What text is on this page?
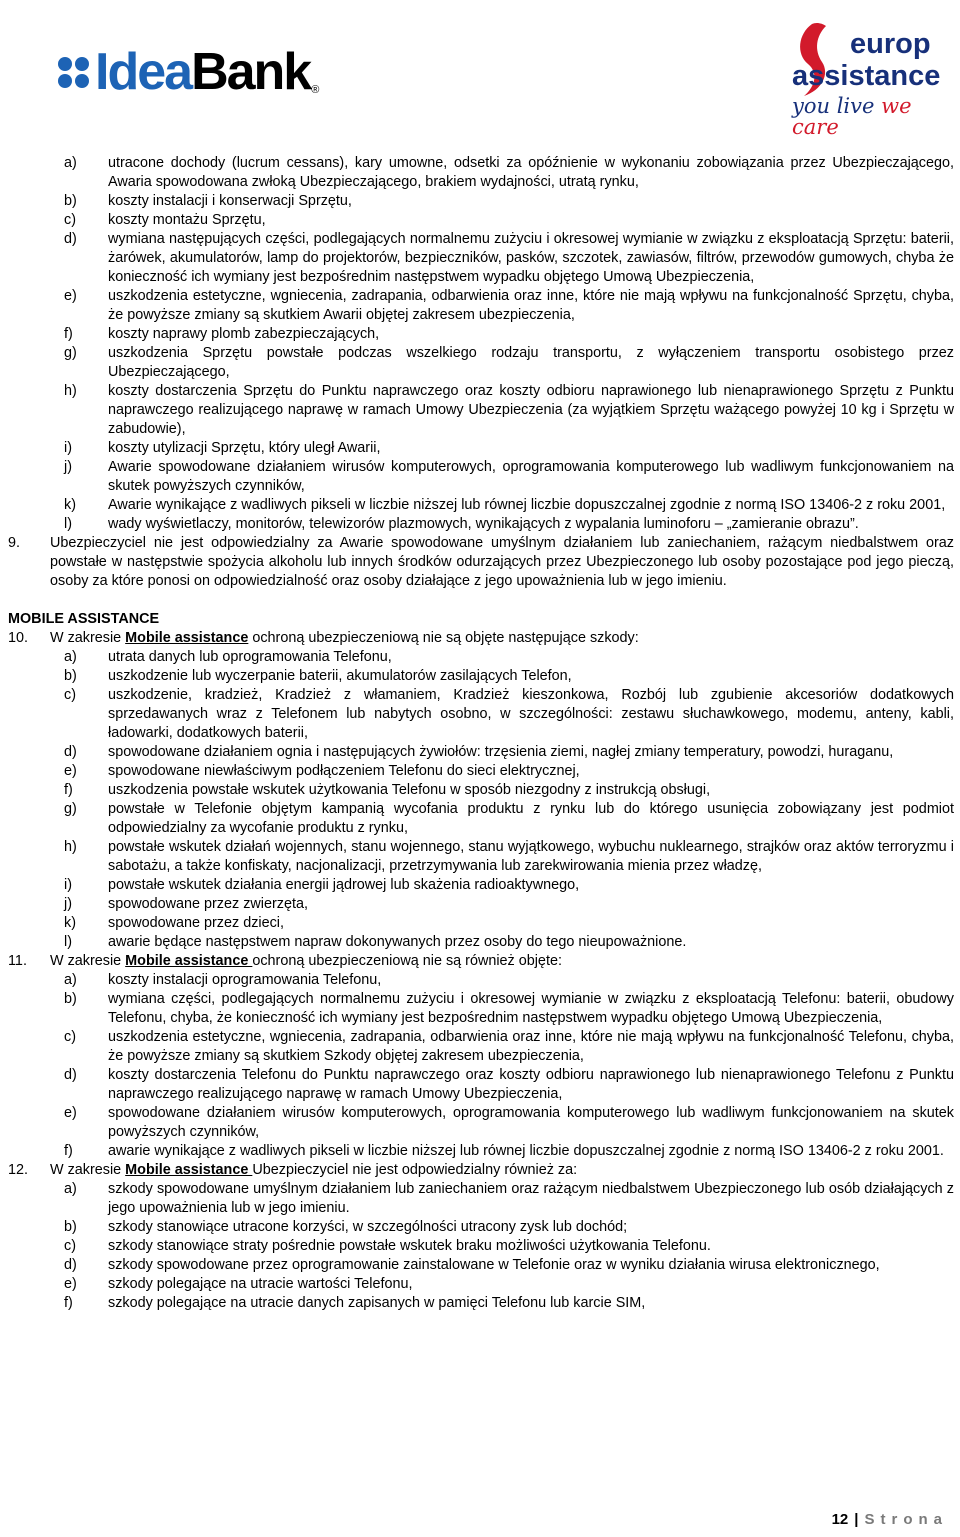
IdeaBank ®
europ
assistance
you live we care
a)	utracone dochody (lucrum cessans), kary umowne, odsetki za opóźnienie w wykonaniu zobowiązania przez Ubezpieczającego, Awaria spowodowana zwłoką Ubezpieczającego, brakiem wydajności, utratą rynku,
b)	koszty instalacji i konserwacji Sprzętu,
c)	koszty montażu Sprzętu,
d)	wymiana następujących części, podlegających normalnemu zużyciu i okresowej wymianie w związku z eksploatacją Sprzętu: baterii, żarówek, akumulatorów, lamp do projektorów, bezpieczników, pasków, szczotek, zawiasów, filtrów, przewodów gumowych, chyba że konieczność ich wymiany jest bezpośrednim następstwem wypadku objętego Umową Ubezpieczenia,
e)	uszkodzenia estetyczne, wgniecenia, zadrapania, odbarwienia oraz inne, które nie mają wpływu na funkcjonalność Sprzętu, chyba, że powyższe zmiany są skutkiem Awarii objętej zakresem ubezpieczenia,
f)	koszty naprawy plomb zabezpieczających,
g)	uszkodzenia Sprzętu powstałe podczas wszelkiego rodzaju transportu, z wyłączeniem transportu osobistego przez Ubezpieczającego,
h)	koszty dostarczenia Sprzętu do Punktu naprawczego oraz koszty odbioru naprawionego lub nienaprawionego Sprzętu z Punktu naprawczego realizującego naprawę w ramach Umowy Ubezpieczenia (za wyjątkiem Sprzętu ważącego powyżej 10 kg i Sprzętu w zabudowie),
i)	koszty utylizacji Sprzętu, który uległ Awarii,
j)	Awarie spowodowane działaniem wirusów komputerowych, oprogramowania komputerowego lub wadliwym funkcjonowaniem na skutek powyższych czynników,
k)	Awarie wynikające z wadliwych pikseli w liczbie niższej lub równej liczbie dopuszczalnej zgodnie z normą ISO 13406-2 z roku 2001,
l)	wady wyświetlaczy, monitorów, telewizorów plazmowych, wynikających z wypalania luminoforu – „zamieranie obrazu”.
9.	Ubezpieczyciel nie jest odpowiedzialny za Awarie spowodowane umyślnym działaniem lub zaniechaniem, rażącym niedbalstwem oraz powstałe w następstwie spożycia alkoholu lub innych środków odurzających przez Ubezpieczonego lub osoby pozostające pod jego pieczą, osoby za które ponosi on odpowiedzialność oraz osoby działające z jego upoważnienia lub w jego imieniu.
MOBILE ASSISTANCE
10.	W zakresie Mobile assistance ochroną ubezpieczeniową nie są objęte następujące szkody:
a)	utrata danych lub oprogramowania Telefonu,
b)	uszkodzenie lub wyczerpanie baterii, akumulatorów zasilających Telefon,
c)	uszkodzenie, kradzież, Kradzież z włamaniem, Kradzież kieszonkowa, Rozbój lub zgubienie akcesoriów dodatkowych sprzedawanych wraz z Telefonem lub nabytych osobno, w szczególności: zestawu słuchawkowego, modemu, anteny, kabli, ładowarki, dodatkowych baterii,
d)	spowodowane działaniem ognia i następujących żywiołów: trzęsienia ziemi, nagłej zmiany temperatury, powodzi, huraganu,
e)	spowodowane niewłaściwym podłączeniem Telefonu do sieci elektrycznej,
f)	uszkodzenia powstałe wskutek użytkowania Telefonu w sposób niezgodny z instrukcją obsługi,
g)	powstałe w Telefonie objętym kampanią wycofania produktu z rynku lub do którego usunięcia zobowiązany jest podmiot odpowiedzialny za wycofanie produktu z rynku,
h)	powstałe wskutek działań wojennych, stanu wojennego, stanu wyjątkowego, wybuchu nuklearnego, strajków oraz aktów terroryzmu i sabotażu, a także konfiskaty, nacjonalizacji, przetrzymywania lub zarekwirowania mienia przez władzę,
i)	powstałe wskutek działania energii jądrowej lub skażenia radioaktywnego,
j)	spowodowane przez zwierzęta,
k)	spowodowane przez dzieci,
l)	awarie będące następstwem napraw dokonywanych przez osoby do tego nieupoważnione.
11.	W zakresie Mobile assistance ochroną ubezpieczeniową nie są również objęte:
a)	koszty instalacji oprogramowania Telefonu,
b)	wymiana części, podlegających normalnemu zużyciu i okresowej wymianie w związku z eksploatacją Telefonu: baterii, obudowy Telefonu, chyba, że konieczność ich wymiany jest bezpośrednim następstwem wypadku objętego Umową Ubezpieczenia,
c)	uszkodzenia estetyczne, wgniecenia, zadrapania, odbarwienia oraz inne, które nie mają wpływu na funkcjonalność Telefonu, chyba, że powyższe zmiany są skutkiem Szkody objętej zakresem ubezpieczenia,
d)	koszty dostarczenia Telefonu do Punktu naprawczego oraz koszty odbioru naprawionego lub nienaprawionego Telefonu z Punktu naprawczego realizującego naprawę w ramach Umowy Ubezpieczenia,
e)	spowodowane działaniem wirusów komputerowych, oprogramowania komputerowego lub wadliwym funkcjonowaniem na skutek powyższych czynników,
f)	awarie wynikające z wadliwych pikseli w liczbie niższej lub równej liczbie dopuszczalnej zgodnie z normą ISO 13406-2 z roku 2001.
12.	W zakresie Mobile assistance Ubezpieczyciel nie jest odpowiedzialny również za:
a)	szkody spowodowane umyślnym działaniem lub zaniechaniem oraz rażącym niedbalstwem Ubezpieczonego lub osób działających z jego upoważnienia lub w jego imieniu.
b)	szkody stanowiące utracone korzyści, w szczególności utracony zysk lub dochód;
c)	szkody stanowiące straty pośrednie powstałe wskutek braku możliwości użytkowania Telefonu.
d)	szkody spowodowane przez oprogramowanie zainstalowane w Telefonie oraz w wyniku działania wirusa elektronicznego,
e)	szkody polegające na utracie wartości Telefonu,
f)	szkody polegające na utracie danych zapisanych w pamięci Telefonu lub karcie SIM,
12 | Strona
